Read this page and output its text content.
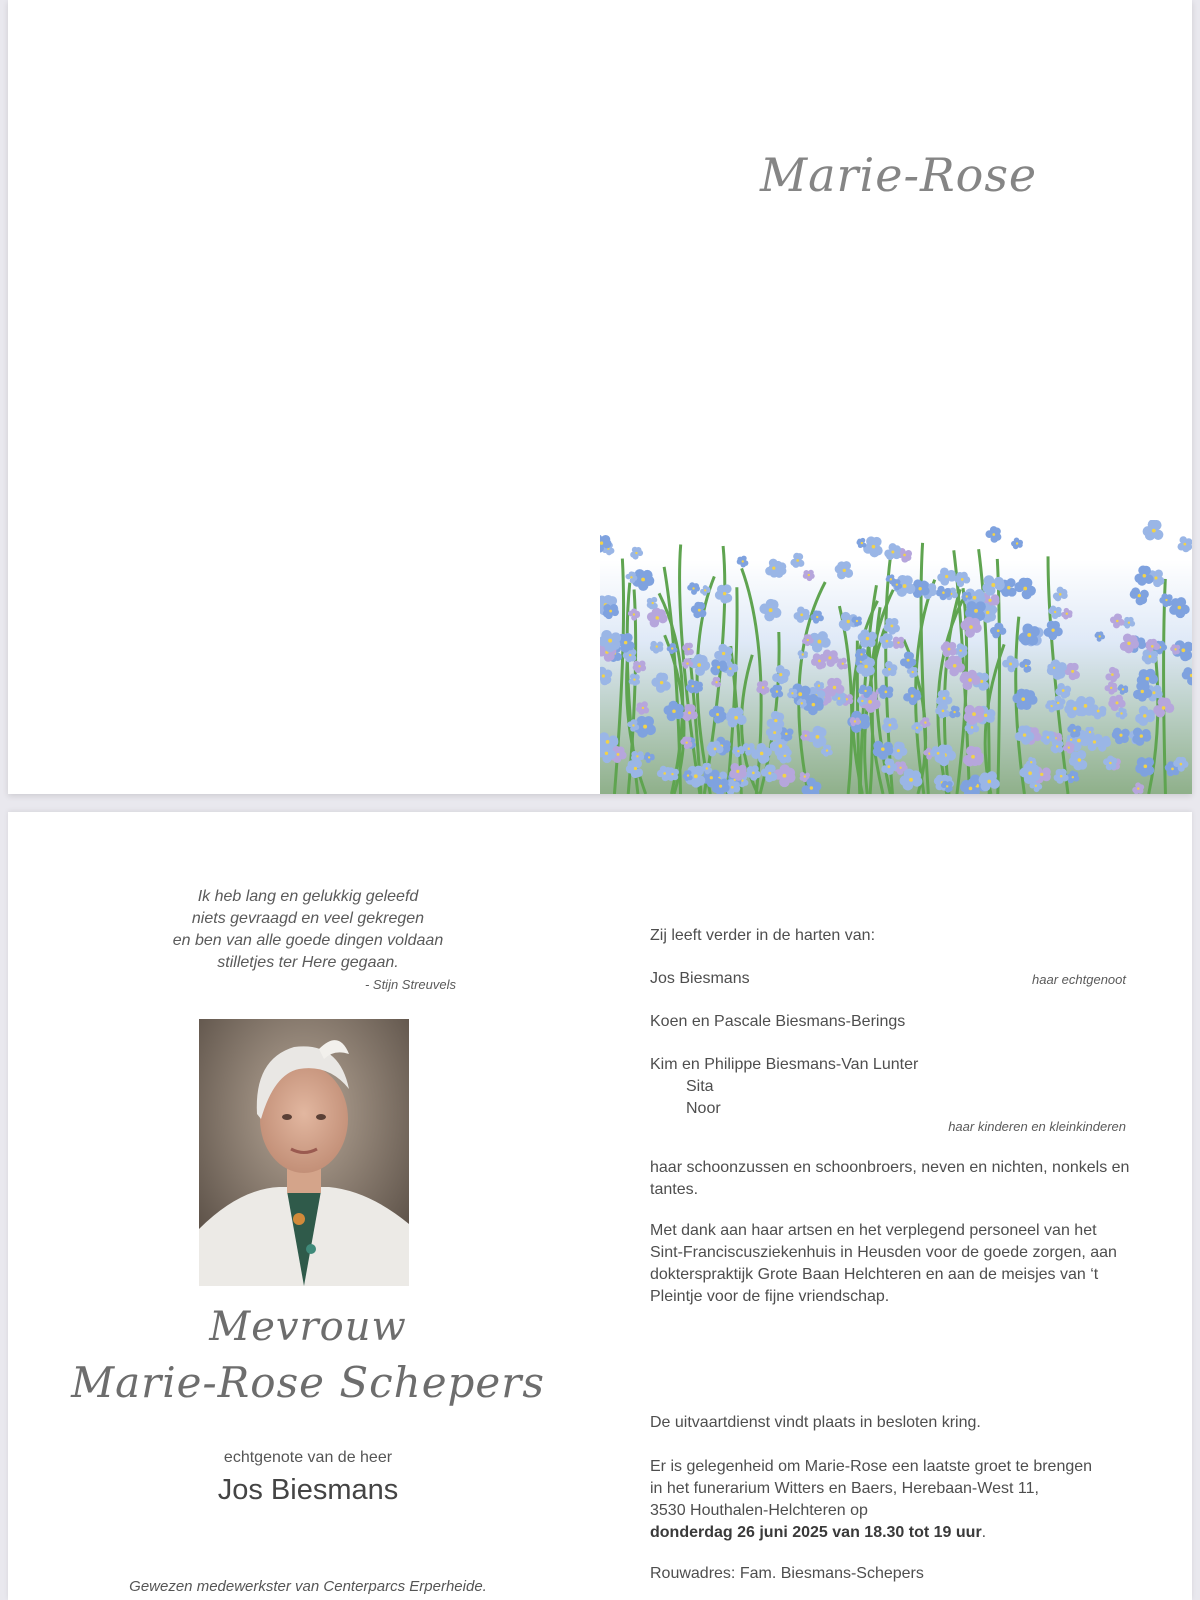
Marie-Rose
Ik heb lang en gelukkig geleefd
niets gevraagd en veel gekregen
en ben van alle goede dingen voldaan
stilletjes ter Here gegaan.
- Stijn Streuvels
Mevrouw
Marie-Rose Schepers
echtgenote van de heer
Jos Biesmans
Gewezen medewerkster van Centerparcs Erperheide.
Zij leeft verder in de harten van:
Jos Biesmans	haar echtgenoot
Koen en Pascale Biesmans-Berings
Kim en Philippe Biesmans-Van Lunter
Sita
Noor
haar kinderen en kleinkinderen
haar schoonzussen en schoonbroers, neven en nichten, nonkels en tantes.
Met dank aan haar artsen en het verplegend personeel van het Sint-Franciscusziekenhuis in Heusden voor de goede zorgen, aan dokterspraktijk Grote Baan Helchteren en aan de meisjes van ‘t Pleintje voor de fijne vriendschap.
De uitvaartdienst vindt plaats in besloten kring.
Er is gelegenheid om Marie-Rose een laatste groet te brengen
in het funerarium Witters en Baers, Herebaan-West 11,
3530 Houthalen-Helchteren op
donderdag 26 juni 2025 van 18.30 tot 19 uur.
Rouwadres: Fam. Biesmans-Schepers
